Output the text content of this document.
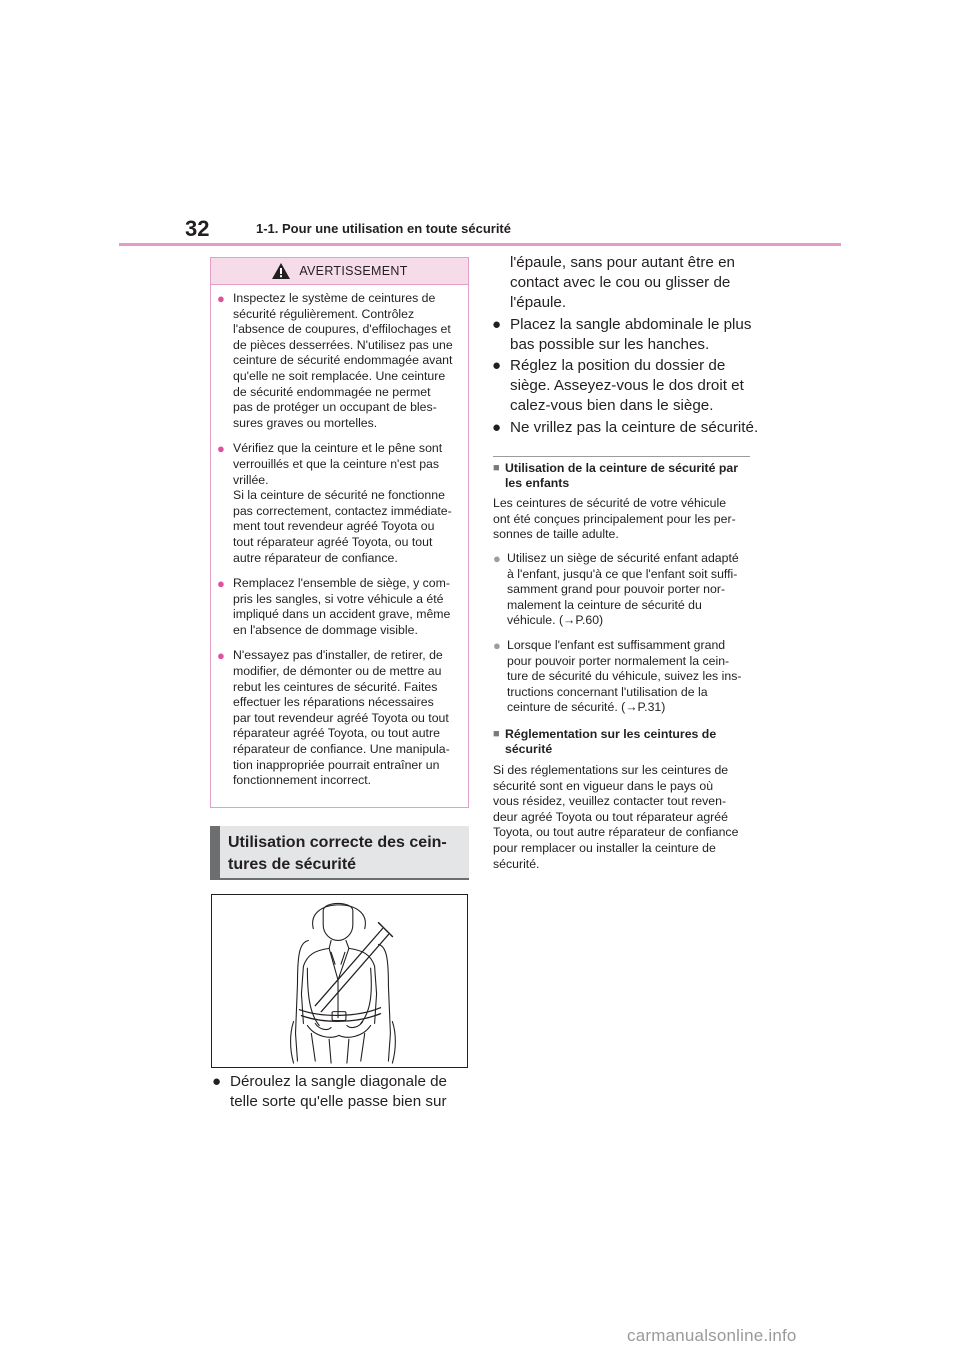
32	1-1. Pour une utilisation en toute sécurité
AVERTISSEMENT
● Inspectez le système de ceintures de
sécurité régulièrement. Contrôlez
l'absence de coupures, d'effilochages et
de pièces desserrées. N'utilisez pas une
ceinture de sécurité endommagée avant
qu'elle ne soit remplacée. Une ceinture
de sécurité endommagée ne permet
pas de protéger un occupant de bles-
sures graves ou mortelles.
● Vérifiez que la ceinture et le pêne sont
verrouillés et que la ceinture n'est pas
vrillée.
Si la ceinture de sécurité ne fonctionne
pas correctement, contactez immédiate-
ment tout revendeur agréé Toyota ou
tout réparateur agréé Toyota, ou tout
autre réparateur de confiance.
● Remplacez l'ensemble de siège, y com-
pris les sangles, si votre véhicule a été
impliqué dans un accident grave, même
en l'absence de dommage visible.
● N'essayez pas d'installer, de retirer, de
modifier, de démonter ou de mettre au
rebut les ceintures de sécurité. Faites
effectuer les réparations nécessaires
par tout revendeur agréé Toyota ou tout
réparateur agréé Toyota, ou tout autre
réparateur de confiance. Une manipula-
tion inappropriée pourrait entraîner un
fonctionnement incorrect.
Utilisation correcte des cein-
tures de sécurité
● Déroulez la sangle diagonale de
telle sorte qu'elle passe bien sur
l'épaule, sans pour autant être en
contact avec le cou ou glisser de
l'épaule.
● Placez la sangle abdominale le plus
bas possible sur les hanches.
● Réglez la position du dossier de
siège. Asseyez-vous le dos droit et
calez-vous bien dans le siège.
● Ne vrillez pas la ceinture de sécurité.
■ Utilisation de la ceinture de sécurité par
les enfants
Les ceintures de sécurité de votre véhicule
ont été conçues principalement pour les per-
sonnes de taille adulte.
● Utilisez un siège de sécurité enfant adapté
à l'enfant, jusqu'à ce que l'enfant soit suffi-
samment grand pour pouvoir porter nor-
malement la ceinture de sécurité du
véhicule. (→P.60)
● Lorsque l'enfant est suffisamment grand
pour pouvoir porter normalement la cein-
ture de sécurité du véhicule, suivez les ins-
tructions concernant l'utilisation de la
ceinture de sécurité. (→P.31)
■ Réglementation sur les ceintures de
sécurité
Si des réglementations sur les ceintures de
sécurité sont en vigueur dans le pays où
vous résidez, veuillez contacter tout reven-
deur agréé Toyota ou tout réparateur agréé
Toyota, ou tout autre réparateur de confiance
pour remplacer ou installer la ceinture de
sécurité.
carmanualsonline.info
